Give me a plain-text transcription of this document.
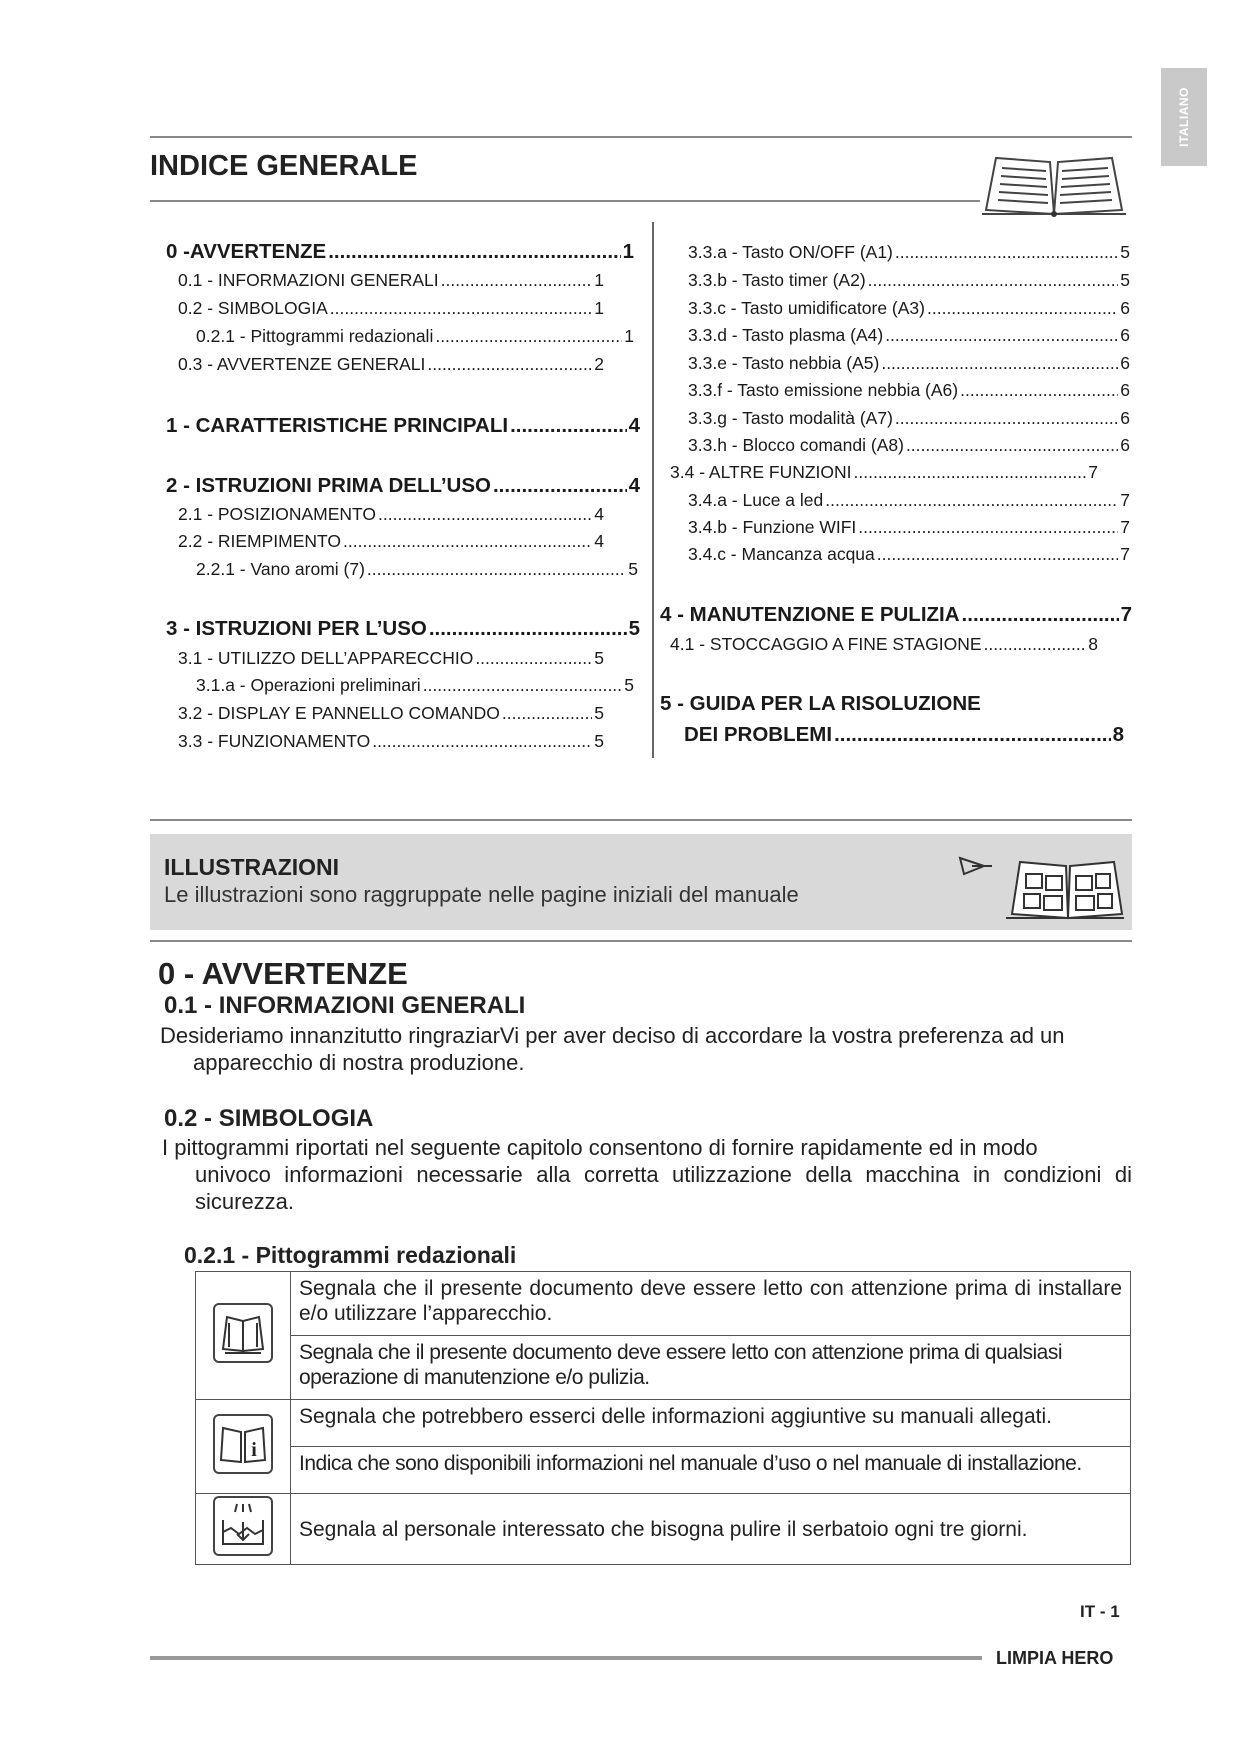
ITALIANO
INDICE GENERALE
0 -AVVERTENZE .....	1
0.1 - INFORMAZIONI GENERALI .....	1
0.2 - SIMBOLOGIA .....	1
0.2.1 - Pittogrammi redazionali .....	1
0.3 - AVVERTENZE GENERALI .....	2
1 - CARATTERISTICHE PRINCIPALI .....	4
2 - ISTRUZIONI PRIMA DELL’USO .....	4
2.1 - POSIZIONAMENTO .....	4
2.2 - RIEMPIMENTO .....	4
2.2.1 - Vano aromi (7) .....	5
3 - ISTRUZIONI PER L’USO .....	5
3.1 - UTILIZZO DELL’APPARECCHIO .....	5
3.1.a - Operazioni preliminari .....	5
3.2 - DISPLAY E PANNELLO COMANDO .....	5
3.3 - FUNZIONAMENTO .....	5
3.3.a - Tasto ON/OFF (A1) .....	5
3.3.b - Tasto timer (A2) .....	5
3.3.c - Tasto umidificatore (A3) .....	6
3.3.d - Tasto plasma (A4) .....	6
3.3.e - Tasto nebbia (A5) .....	6
3.3.f - Tasto emissione nebbia (A6) .....	6
3.3.g - Tasto modalità (A7) .....	6
3.3.h - Blocco comandi (A8) .....	6
3.4 - ALTRE FUNZIONI .....	7
3.4.a - Luce a led .....	7
3.4.b - Funzione WIFI .....	7
3.4.c - Mancanza acqua .....	7
4 - MANUTENZIONE E PULIZIA .....	7
4.1 - STOCCAGGIO A FINE STAGIONE .....	8
5 - GUIDA PER LA RISOLUZIONE
DEI PROBLEMI .....	8
ILLUSTRAZIONI
Le illustrazioni sono raggruppate nelle pagine iniziali del manuale
0 - AVVERTENZE
0.1 - INFORMAZIONI GENERALI
Desideriamo innanzitutto ringraziarVi per aver deciso di accordare la vostra preferenza ad un
apparecchio di nostra produzione.
0.2 - SIMBOLOGIA
I pittogrammi riportati nel seguente capitolo consentono di fornire rapidamente ed in modo
univoco informazioni necessarie alla corretta utilizzazione della macchina in condizioni di
sicurezza.
0.2.1 - Pittogrammi redazionali
	Segnala che il presente documento deve essere letto con attenzione prima di installare e/o utilizzare l’apparecchio.
	Segnala che il presente documento deve essere letto con attenzione prima di qualsiasi operazione di manutenzione e/o pulizia.

i	Segnala che potrebbero esserci delle informazioni aggiuntive su manuali allegati.
	Indica che sono disponibili informazioni nel manuale d’uso o nel manuale di installazione.

	Segnala al personale interessato che bisogna pulire il serbatoio ogni tre giorni.
IT - 1
LIMPIA HERO
